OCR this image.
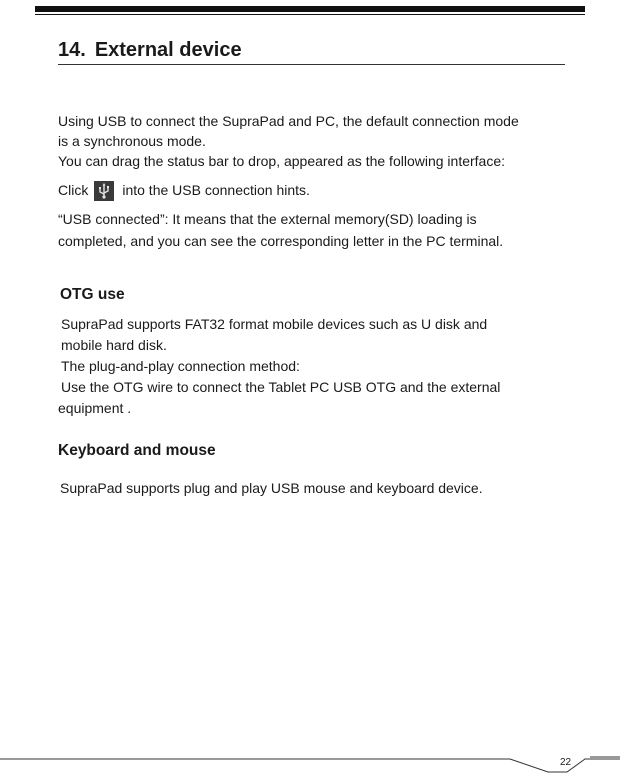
14. External device
Using USB to connect the SupraPad and PC, the default connection mode
is a synchronous mode.
You can drag the status bar to drop, appeared as the following interface:
Click into the USB connection hints.
“USB connected”: It means that the external memory(SD) loading is
completed, and you can see the corresponding letter in the PC terminal.
OTG use
SupraPad supports FAT32 format mobile devices such as U disk and
mobile hard disk.
The plug-and-play connection method:
Use the OTG wire to connect the Tablet PC USB OTG and the external
equipment .
Keyboard and mouse
SupraPad supports plug and play USB mouse and keyboard device.
22
